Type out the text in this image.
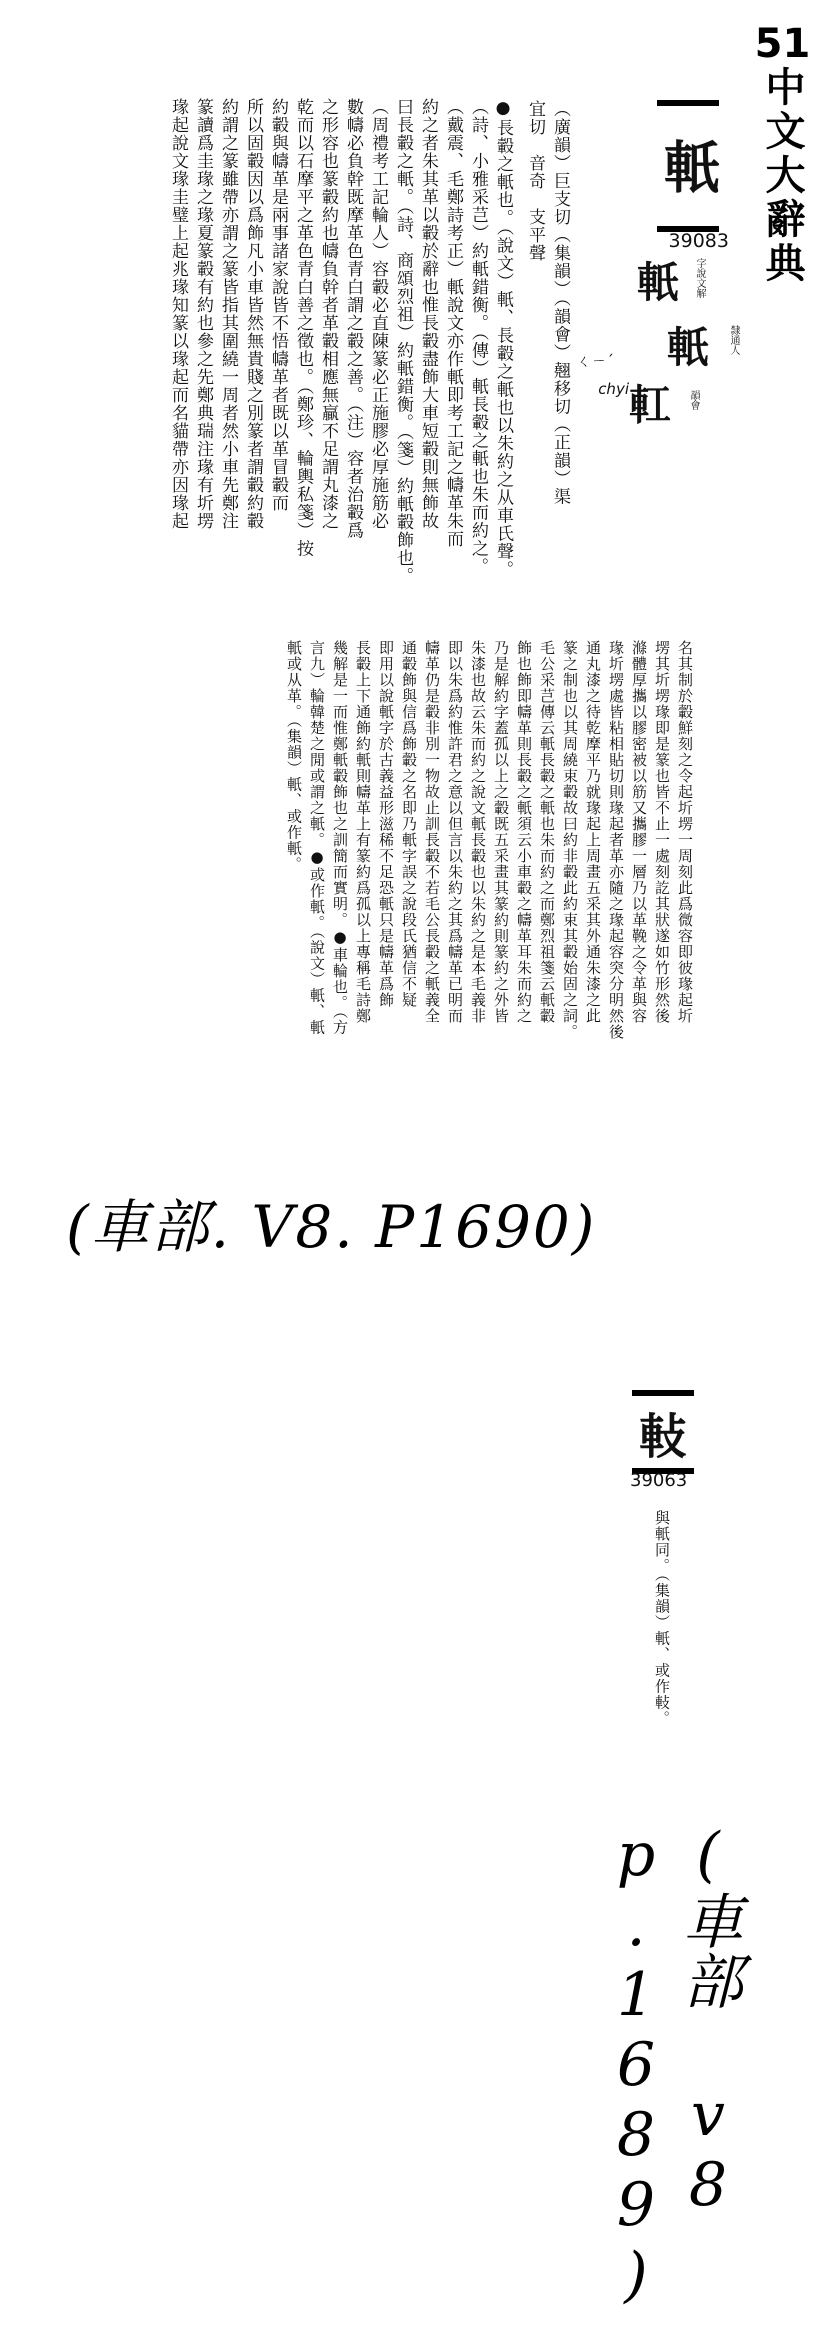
51
中文大辭典
軝
39083
軝 字說文解
軝 隸通人
𨊧 韻會
（廣韻）巨支切（集韻）（韻會）翹移切（正韻）渠
宜切　音奇　支平聲
chyi
ㄑㄧˊ
●長轂之軝也。（說文）軝、長轂之軝也以朱約之从車氏聲。
（詩、小雅采芑）約軝錯衡。（傳）軝長轂之軝也朱而約之。
（戴震、毛鄭詩考正）軝說文亦作軝即考工記之幬革朱而
約之者朱其革以轂於辭也惟長轂盡飾大車短轂則無飾故
曰長轂之軝。（詩、商頌烈祖）約軝錯衡。（箋）約軝轂飾也。
（周禮考工記輪人）容轂必直陳篆必正施膠必厚施筋必
數幬必負幹既摩革色青白謂之轂之善。（注）容者治轂爲
之形容也篆轂約也幬負幹者革轂相應無贏不足謂丸漆之
乾而以石摩平之革色青白善之徵也。（鄭珍、輪輿私箋）按
約轂與幬革是兩事諸家說皆不悟幬革者既以革冒轂而
所以固轂因以爲飾凡小車皆然無貴賤之別篆者謂轂約轂
約謂之篆雖帶亦謂之篆皆指其圍繞一周者然小車先鄭注
篆讀爲圭瑑之瑑夏篆轂有約也參之先鄭典瑞注瑑有圻塄
瑑起說文瑑圭璧上起兆瑑知篆以瑑起而名貓帶亦因瑑起
名其制於轂鮮刻之令起圻塄一周刻此爲微容即彼瑑起圻
塄其圻塄瑑即是篆也皆不止一處刻訖其狀遂如竹形然後
滌體厚攜以膠密被以筋又攜膠一層乃以革鞔之令革與容
瑑圻塄處皆粘相貼切則瑑起者革亦隨之瑑起容突分明然後
通丸漆之待乾摩平乃就瑑起上周畫五采其外通朱漆之此
篆之制也以其周繞束轂故曰約非轂此約束其轂始固之詞。
毛公采芑傳云軝長轂之軝也朱而約之而鄭烈祖箋云軝轂
飾也飾即幬革則長轂之軝須云小車轂之幬革耳朱而約之
乃是解約字蓋孤以上之轂既五采畫其篆約則篆約之外皆
朱漆也故云朱而約之說文軝長轂也以朱約之是本毛義非
即以朱爲約惟許君之意以但言以朱約之其爲幬革已明而
幬革仍是轂非別一物故止訓長轂不若毛公長轂之軝義全
通轂飾與信爲飾轂之名即乃軝字誤之說段氏猶信不疑
即用以說軝字於古義益形滋稀不足恐軝只是幬革爲飾
長轂上下通飾約軝則幬革上有篆約爲孤以上專稱毛詩鄭
幾解是一而惟鄭軝轂飾也之訓簡而實明。●車輪也。（方
言九）輪韓楚之閒或謂之軝。●或作軝。（說文）軝、軝
軝或从革。（集韻）軝、或作軝。
(車部. V8. P1690)
軙
39063
與軝同。（集韻）軝、或作軙。
(車部 v8 p.1689)
